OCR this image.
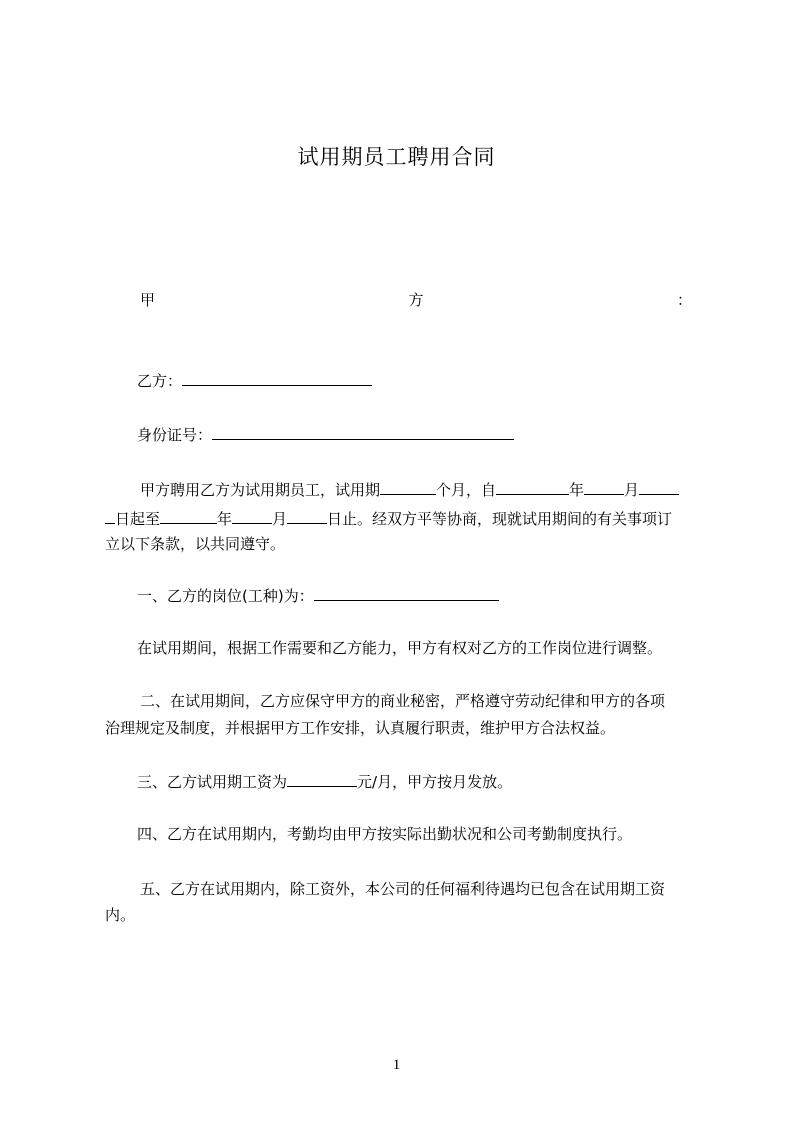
试用期员工聘用合同
甲	方	：
乙方：
身份证号：
甲方聘用乙方为试用期员工，试用期	个月，自	年	月
日起至	年	月	日止。经双方平等协商，现就试用期间的有关事项订
立以下条款，以共同遵守。
一、乙方的岗位(工种)为：
在试用期间，根据工作需要和乙方能力，甲方有权对乙方的工作岗位进行调整。
二、在试用期间，乙方应保守甲方的商业秘密，严格遵守劳动纪律和甲方的各项
治理规定及制度，并根据甲方工作安排，认真履行职责，维护甲方合法权益。
三、乙方试用期工资为	元/月，甲方按月发放。
四、乙方在试用期内，考勤均由甲方按实际出勤状况和公司考勤制度执行。
五、乙方在试用期内，除工资外，本公司的任何福利待遇均已包含在试用期工资
内。
1
